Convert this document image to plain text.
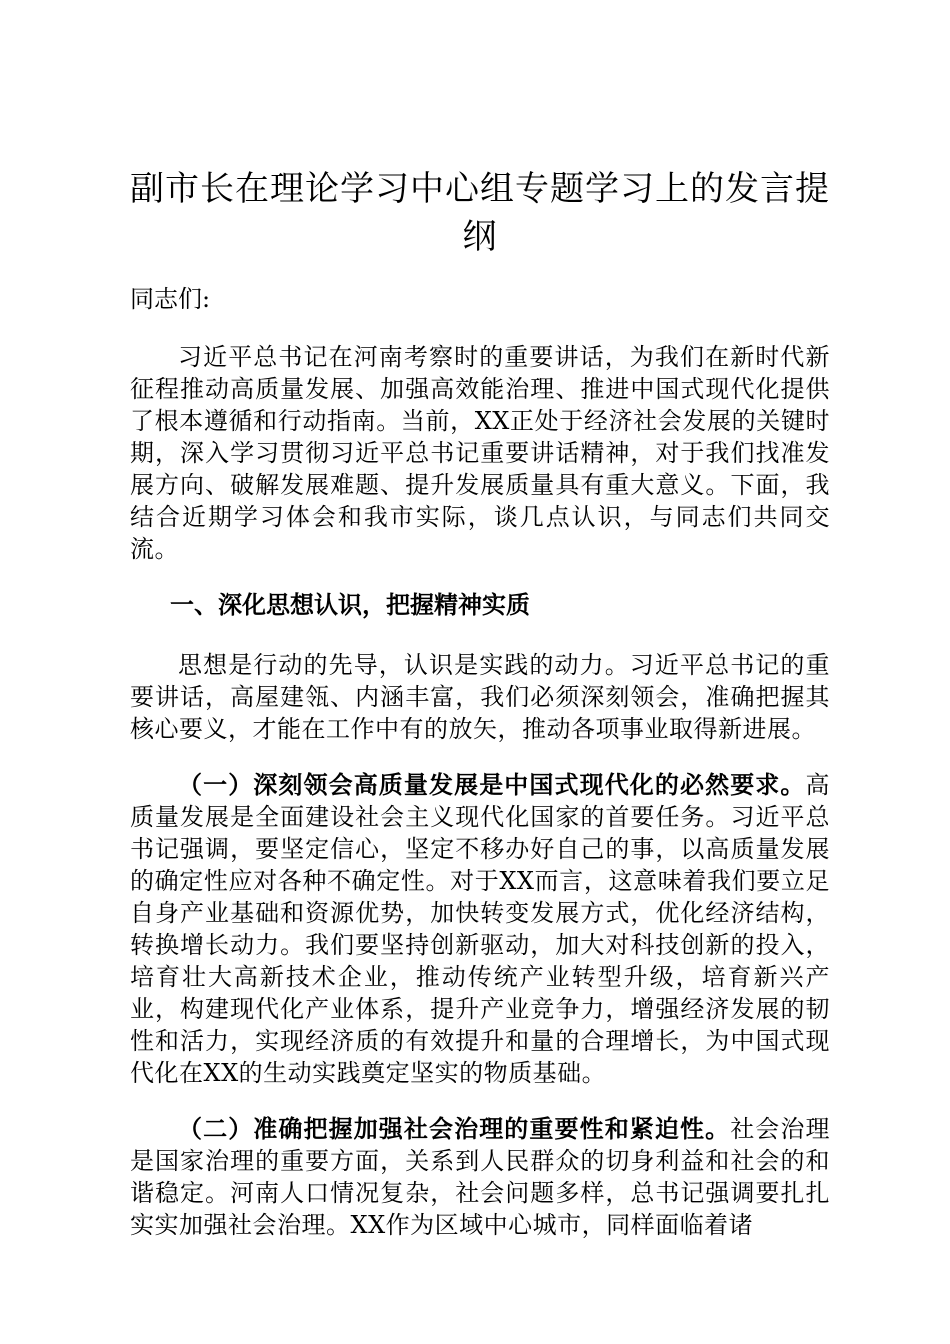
副市长在理论学习中心组专题学习上的发言提纲

同志们:

习近平总书记在河南考察时的重要讲话，为我们在新时代新征程推动高质量发展、加强高效能治理、推进中国式现代化提供了根本遵循和行动指南。当前，XX正处于经济社会发展的关键时期，深入学习贯彻习近平总书记重要讲话精神，对于我们找准发展方向、破解发展难题、提升发展质量具有重大意义。下面，我结合近期学习体会和我市实际，谈几点认识，与同志们共同交流。

一、深化思想认识，把握精神实质

思想是行动的先导，认识是实践的动力。习近平总书记的重要讲话，高屋建瓴、内涵丰富，我们必须深刻领会，准确把握其核心要义，才能在工作中有的放矢，推动各项事业取得新进展。

（一）深刻领会高质量发展是中国式现代化的必然要求。高质量发展是全面建设社会主义现代化国家的首要任务。习近平总书记强调，要坚定信心，坚定不移办好自己的事，以高质量发展的确定性应对各种不确定性。对于XX而言，这意味着我们要立足自身产业基础和资源优势，加快转变发展方式，优化经济结构，转换增长动力。我们要坚持创新驱动，加大对科技创新的投入，培育壮大高新技术企业，推动传统产业转型升级，培育新兴产业，构建现代化产业体系，提升产业竞争力，增强经济发展的韧性和活力，实现经济质的有效提升和量的合理增长，为中国式现代化在XX的生动实践奠定坚实的物质基础。

（二）准确把握加强社会治理的重要性和紧迫性。社会治理是国家治理的重要方面，关系到人民群众的切身利益和社会的和谐稳定。河南人口情况复杂，社会问题多样，总书记强调要扎扎实实加强社会治理。XX作为区域中心城市，同样面临着诸
